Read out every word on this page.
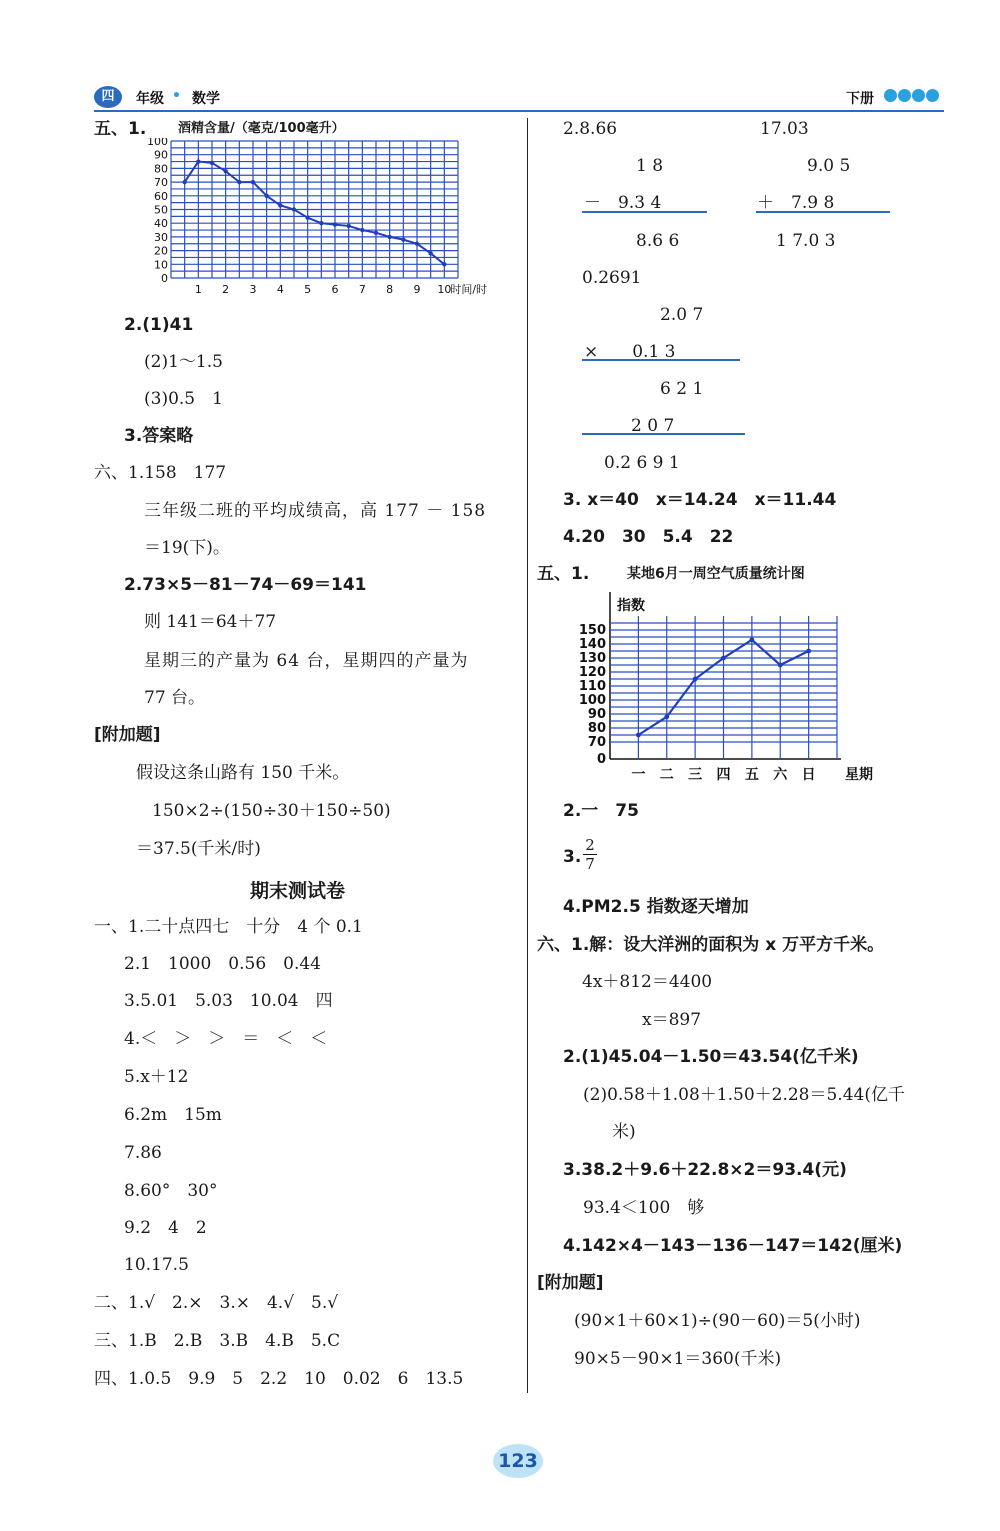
四	年级 • 数学	下册
五、1. 酒精含量/（毫克/100毫升）
0
10
20
30
40
50
60
70
80
90
100
1 2 3 4 5 6 7 8 9 10 时间/时
2.(1)41
(2)1～1.5
(3)0.5　1
3.答案略
六、1.158　177
三年级二班的平均成绩高，高 177 － 158
＝19(下)。
2.73×5－81－74－69＝141
则 141＝64＋77
星期三的产量为 64 台，星期四的产量为
77 台。
[附加题]
假设这条山路有 150 千米。
150×2÷(150÷30＋150÷50)
＝37.5(千米/时)
期末测试卷
一、1.二十点四七　十分　4 个 0.1
2.1　1000　0.56　0.44
3.5.01　5.03　10.04　四
4.＜　＞　＞　＝　＜　＜
5.x＋12
6.2m　15m
7.86
8.60°　30°
9.2　4　2
10.17.5
二、1.√　2.×　3.×　4.√　5.√
三、1.B　2.B　3.B　4.B　5.C
四、1.0.5　9.9　5　2.2　10　0.02　6　13.5
2.8.66	17.03
1 8
－　9.3 4
8.6 6
9.0 5
＋　7.9 8
1 7.0 3
0.2691
2.0 7
×　　0.1 3
6 2 1
2 0 7
0.2 6 9 1
3. x＝40　x＝14.24　x＝11.44
4.20　30　5.4　22
五、1.	某地6月一周空气质量统计图
指数
0
70
80
90
100
110
120
130
140
150
一 二 三 四 五 六 日 星期
2.一　75
3.
2
7
4.PM2.5 指数逐天增加
六、1.解：设大洋洲的面积为 x 万平方千米。
4x＋812＝4400
x＝897
2.(1)45.04－1.50＝43.54(亿千米)
(2)0.58＋1.08＋1.50＋2.28＝5.44(亿千
米)
3.38.2＋9.6＋22.8×2＝93.4(元)
93.4＜100　够
4.142×4－143－136－147＝142(厘米)
[附加题]
(90×1＋60×1)÷(90－60)＝5(小时)
90×5－90×1＝360(千米)
123
